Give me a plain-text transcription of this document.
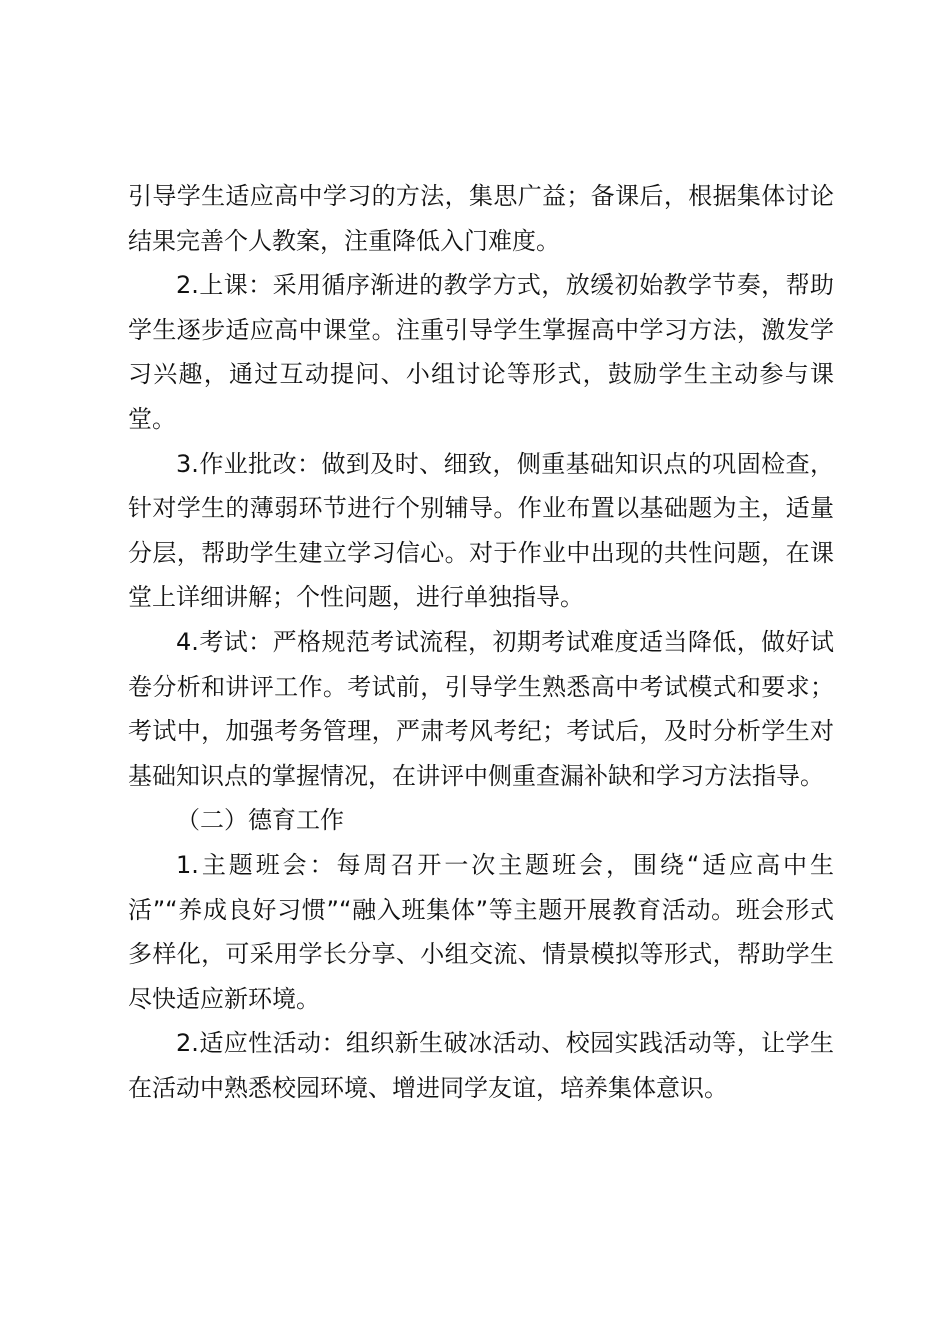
引导学生适应高中学习的方法，集思广益；备课后，根据集体讨论结果完善个人教案，注重降低入门难度。

2.上课：采用循序渐进的教学方式，放缓初始教学节奏，帮助学生逐步适应高中课堂。注重引导学生掌握高中学习方法，激发学习兴趣，通过互动提问、小组讨论等形式，鼓励学生主动参与课堂。

3.作业批改：做到及时、细致，侧重基础知识点的巩固检查，针对学生的薄弱环节进行个别辅导。作业布置以基础题为主，适量分层，帮助学生建立学习信心。对于作业中出现的共性问题，在课堂上详细讲解；个性问题，进行单独指导。

4.考试：严格规范考试流程，初期考试难度适当降低，做好试卷分析和讲评工作。考试前，引导学生熟悉高中考试模式和要求；考试中，加强考务管理，严肃考风考纪；考试后，及时分析学生对基础知识点的掌握情况，在讲评中侧重查漏补缺和学习方法指导。

（二）德育工作

1.主题班会：每周召开一次主题班会，围绕“适应高中生活”“养成良好习惯”“融入班集体”等主题开展教育活动。班会形式多样化，可采用学长分享、小组交流、情景模拟等形式，帮助学生尽快适应新环境。

2.适应性活动：组织新生破冰活动、校园实践活动等，让学生在活动中熟悉校园环境、增进同学友谊，培养集体意识。
